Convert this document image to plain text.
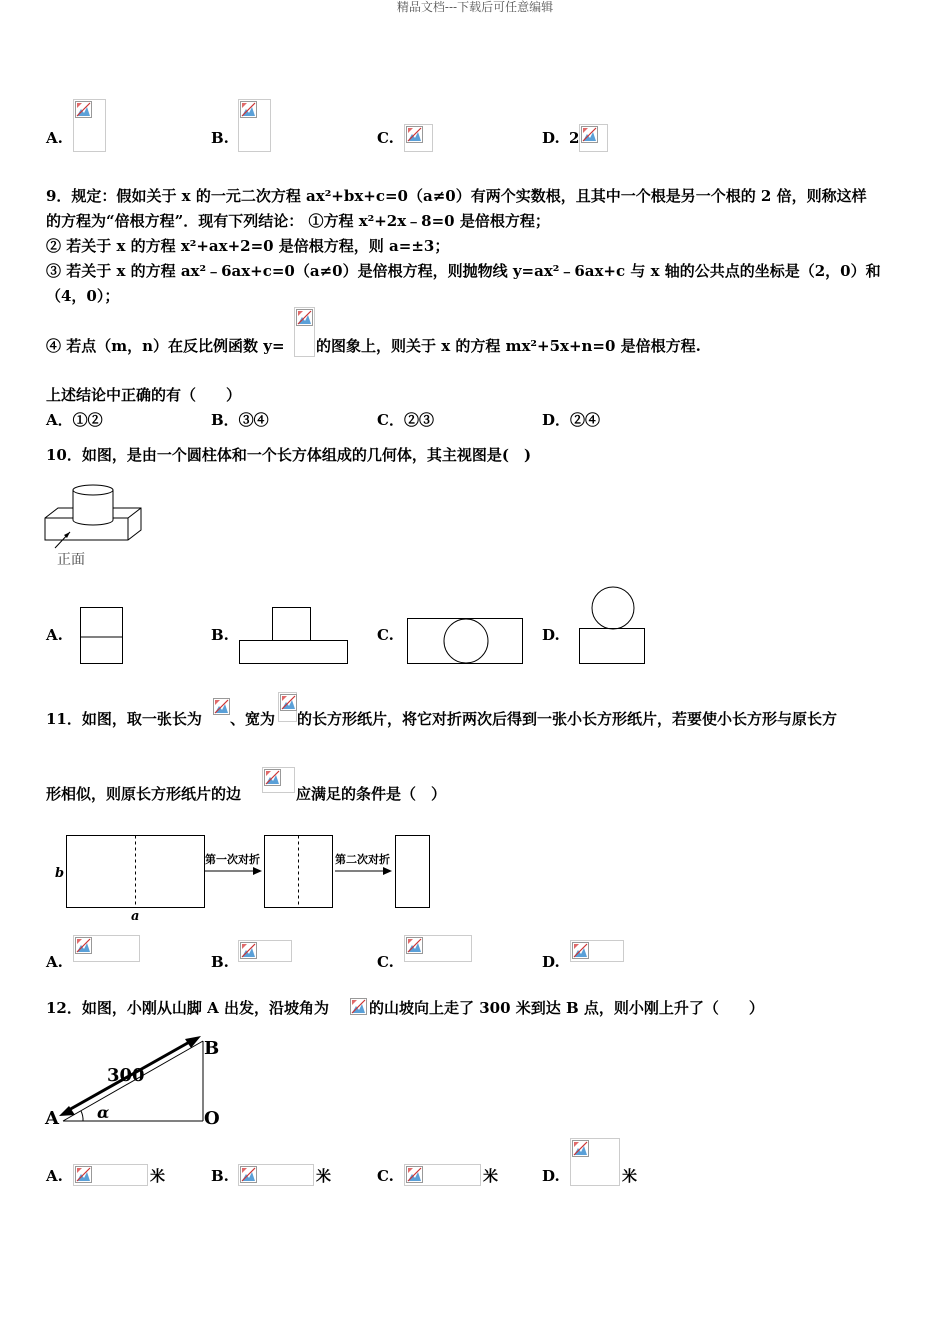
精品文档---下载后可任意编辑
A.	B.	C.	D. 2
9．规定：假如关于 x 的一元二次方程 ax²+bx+c=0（a≠0）有两个实数根，且其中一个根是另一个根的 2 倍，则称这样
的方程为“倍根方程”．现有下列结论： ①方程 x²+2x﹣8=0 是倍根方程；
② 若关于 x 的方程 x²+ax+2=0 是倍根方程，则 a=±3；
③ 若关于 x 的方程 ax²﹣6ax+c=0（a≠0）是倍根方程，则抛物线 y=ax²﹣6ax+c 与 x 轴的公共点的坐标是（2，0）和
（4，0）；
④ 若点（m，n）在反比例函数 y= 的图象上，则关于 x 的方程 mx²+5x+n=0 是倍根方程.
上述结论中正确的有（　　）
A．①②	B．③④	C．②③	D．②④
10．如图，是由一个圆柱体和一个长方体组成的几何体，其主视图是(　)
正面
A.	B.	C.	D.
11．如图，取一张长为 、宽为 的长方形纸片，将它对折两次后得到一张小长方形纸片，若要使小长方形与原长方
形相似，则原长方形纸片的边	应满足的条件是（　）
b
a
第一次对折	第二次对折
A.	B.	C.	D.
12．如图，小刚从山脚 A 出发，沿坡角为	的山坡向上走了 300 米到达 B 点，则小刚上升了（　　）
300
A
B
O
α
A.	米	B.	米	C.	米	D.	米
